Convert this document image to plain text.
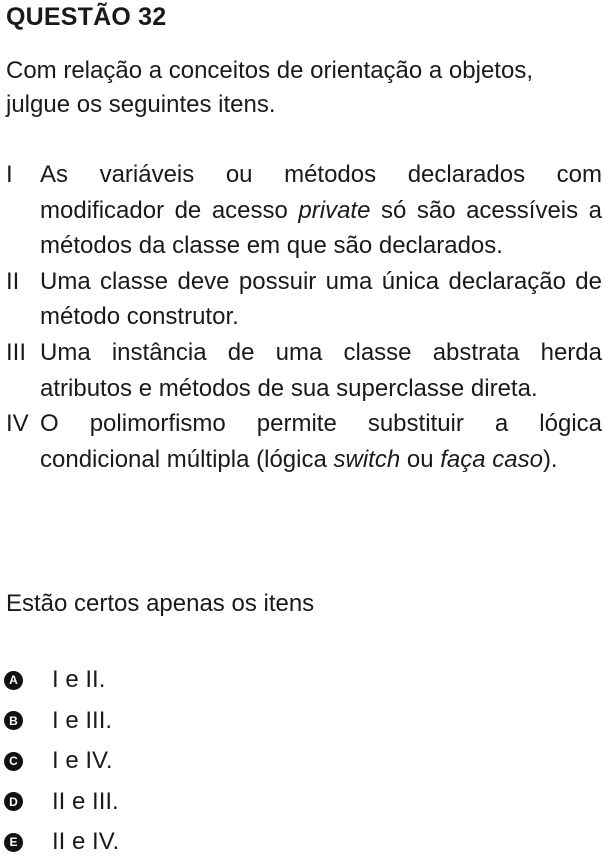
QUESTÃO 32
Com relação a conceitos de orientação a objetos, julgue os seguintes itens.
I	As variáveis ou métodos declarados com modificador de acesso private só são acessíveis a métodos da classe em que são declarados.
II Uma classe deve possuir uma única declaração de método construtor.
III Uma instância de uma classe abstrata herda atributos e métodos de sua superclasse direta.
IV O polimorfismo permite substituir a lógica condicional múltipla (lógica switch ou faça caso).
Estão certos apenas os itens
A I e II.
B I e III.
C I e IV.
D II e III.
E II e IV.
